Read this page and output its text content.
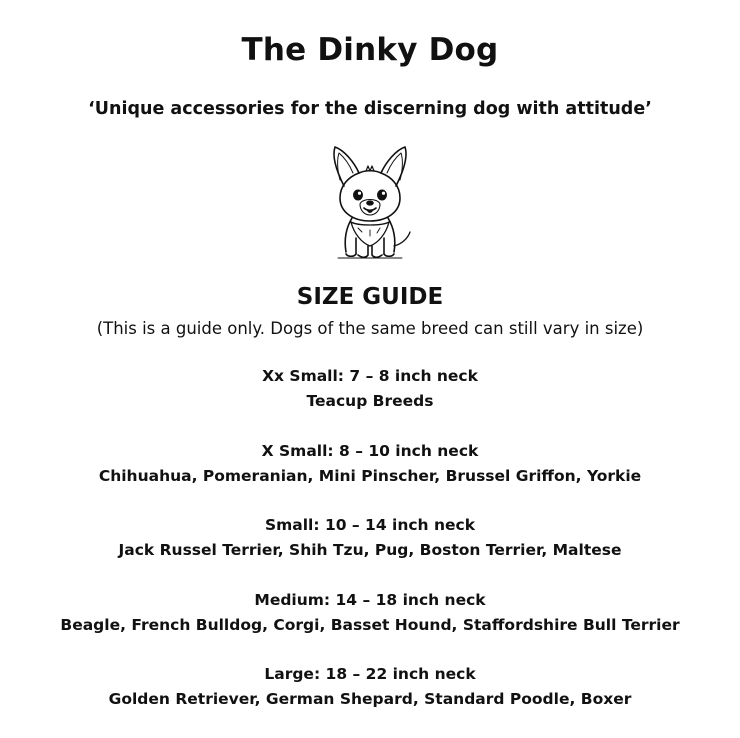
The Dinky Dog
‘Unique accessories for the discerning dog with attitude’
SIZE GUIDE
(This is a guide only. Dogs of the same breed can still vary in size)
Xx Small: 7 – 8 inch neck
Teacup Breeds
X Small: 8 – 10 inch neck
Chihuahua, Pomeranian, Mini Pinscher, Brussel Griffon, Yorkie
Small: 10 – 14 inch neck
Jack Russel Terrier, Shih Tzu, Pug, Boston Terrier, Maltese
Medium: 14 – 18 inch neck
Beagle, French Bulldog, Corgi, Basset Hound, Staffordshire Bull Terrier
Large: 18 – 22 inch neck
Golden Retriever, German Shepard, Standard Poodle, Boxer
